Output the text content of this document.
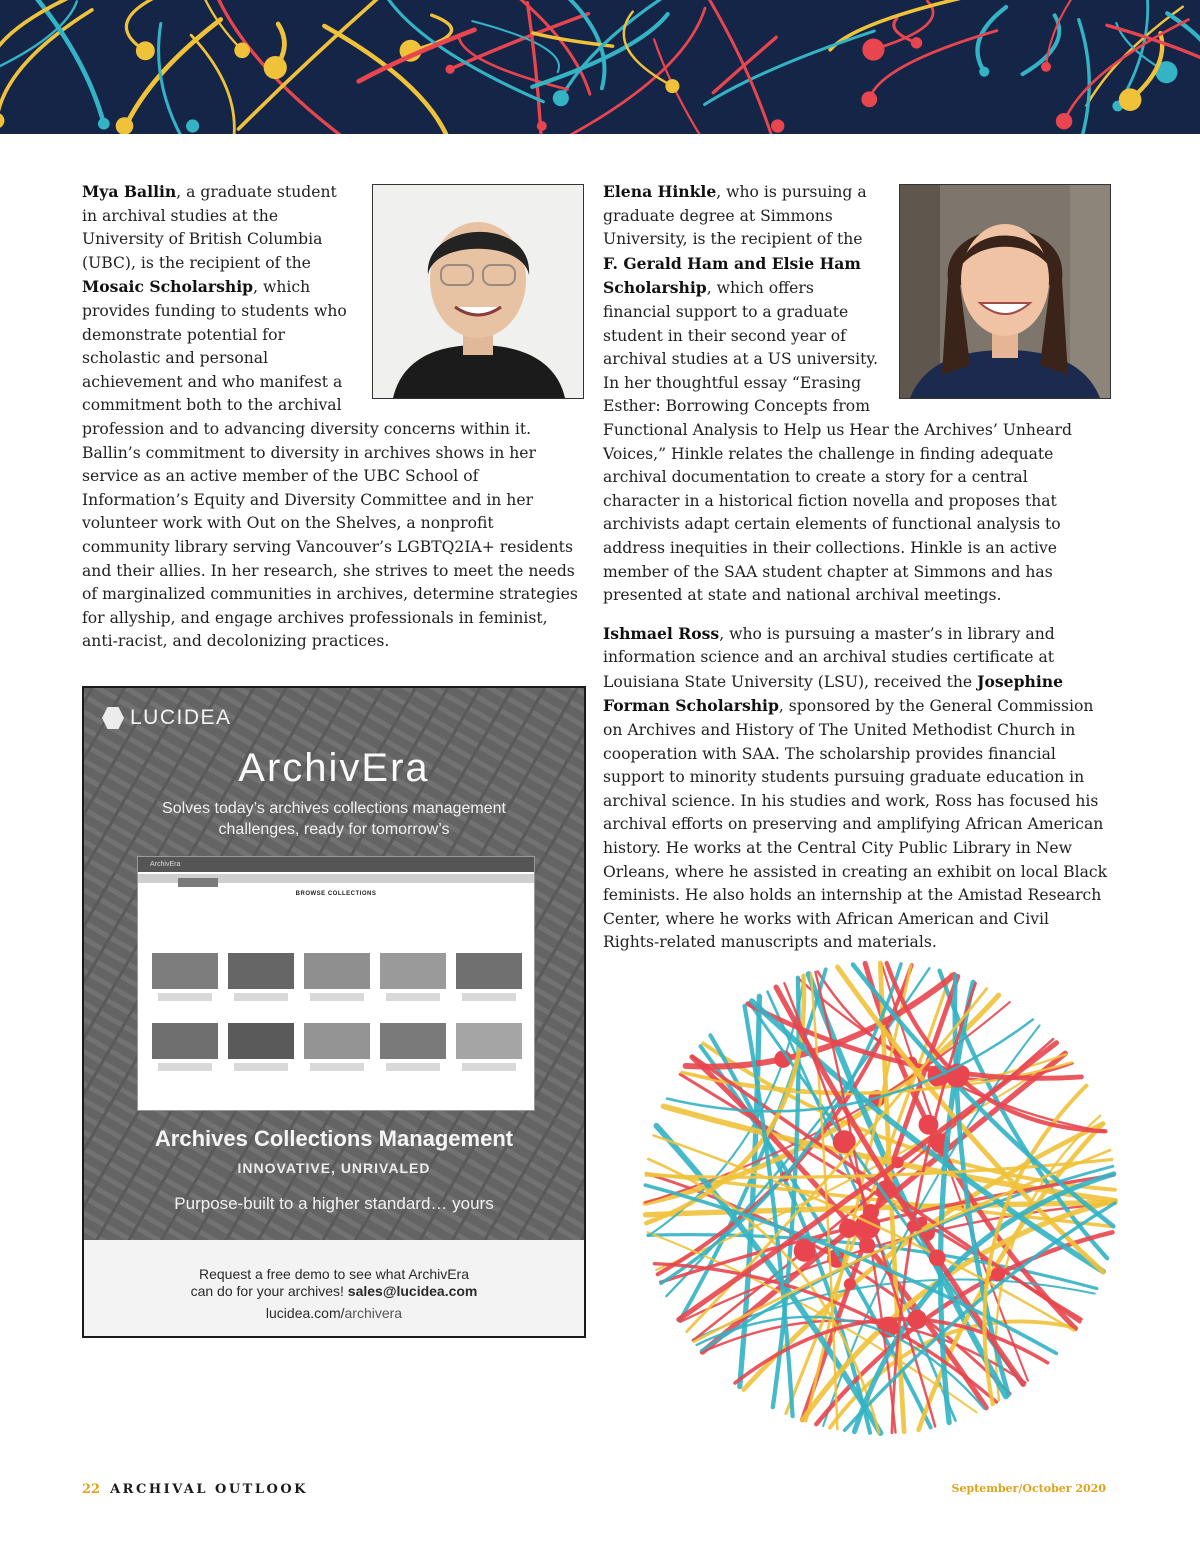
Mya Ballin, a graduate student in archival studies at the University of British Columbia (UBC), is the recipient of the Mosaic Scholarship, which provides funding to students who demonstrate potential for scholastic and personal achievement and who manifest a commitment both to the archival profession and to advancing diversity concerns within it. Ballin’s commitment to diversity in archives shows in her service as an active member of the UBC School of Information’s Equity and Diversity Committee and in her volunteer work with Out on the Shelves, a nonprofit community library serving Vancouver’s LGBTQ2IA+ residents and their allies. In her research, she strives to meet the needs of marginalized communities in archives, determine strategies for allyship, and engage archives professionals in feminist, anti-racist, and decolonizing practices.

Elena Hinkle, who is pursuing a graduate degree at Simmons University, is the recipient of the F. Gerald Ham and Elsie Ham Scholarship, which offers financial support to a graduate student in their second year of archival studies at a US university. In her thoughtful essay “Erasing Esther: Borrowing Concepts from Functional Analysis to Help us Hear the Archives’ Unheard Voices,” Hinkle relates the challenge in finding adequate archival documentation to create a story for a central character in a historical fiction novella and proposes that archivists adapt certain elements of functional analysis to address inequities in their collections. Hinkle is an active member of the SAA student chapter at Simmons and has presented at state and national archival meetings.

Ishmael Ross, who is pursuing a master’s in library and information science and an archival studies certificate at Louisiana State University (LSU), received the Josephine Forman Scholarship, sponsored by the General Commission on Archives and History of The United Methodist Church in cooperation with SAA. The scholarship provides financial support to minority students pursuing graduate education in archival science. In his studies and work, Ross has focused his archival efforts on preserving and amplifying African American history. He works at the Central City Public Library in New Orleans, where he assisted in creating an exhibit on local Black feminists. He also holds an internship at the Amistad Research Center, where he works with African American and Civil Rights-related manuscripts and materials.

LUCIDEA
ArchivEra
Solves today’s archives collections management challenges, ready for tomorrow’s
ArchivEra
BROWSE COLLECTIONS
Archives Collections Management
INNOVATIVE, UNRIVALED
Purpose-built to a higher standard… yours
Request a free demo to see what ArchivEra
can do for your archives! sales@lucidea.com
lucidea.com/archivera
22 ARCHIVAL OUTLOOK	September/October 2020
